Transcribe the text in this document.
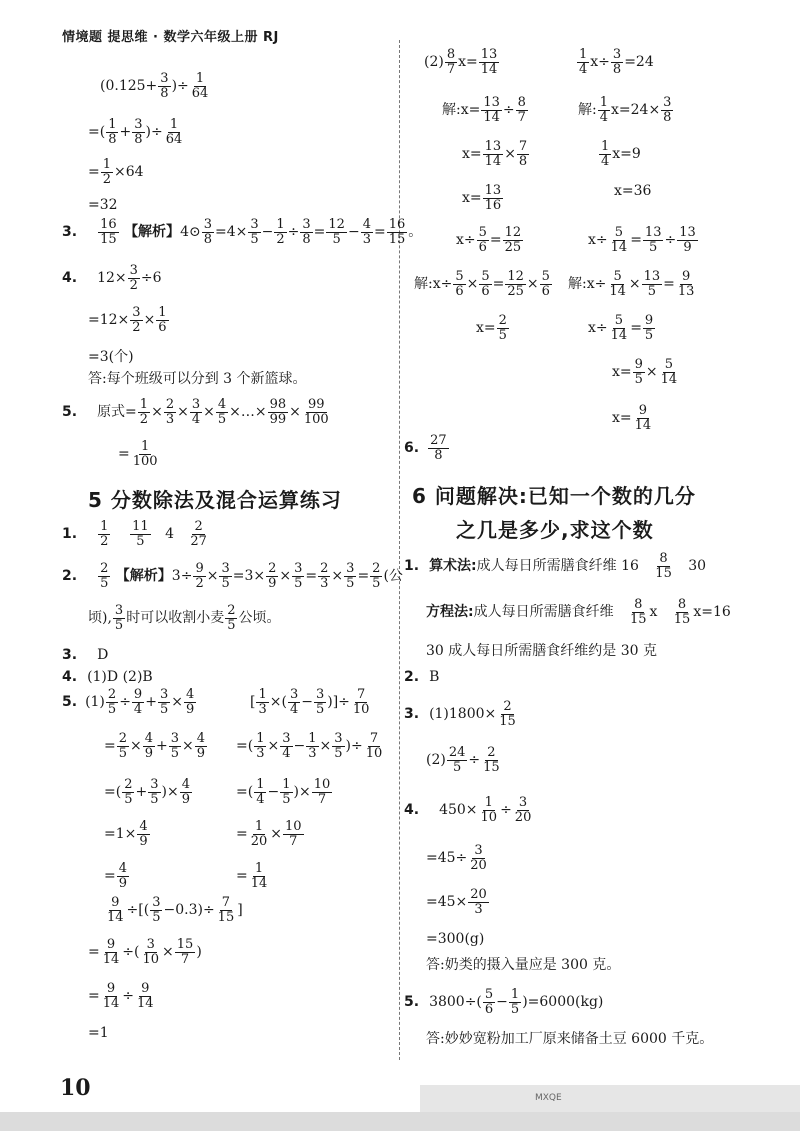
情境题 提思维 · 数学六年级上册 RJ
($0.125+ \frac{3}{8}$ )÷ $\frac{1}{64}$
=( $\frac{1}{8} + \frac{3}{8}$ )÷ $\frac{1}{64}$
= $\frac{1}{2} \times 64$
=32
3. $\frac{16}{15}$ 【解析】4⊙ $\frac{3}{8} =4\times \frac{3}{5} - \frac{1}{2} \div \frac{3}{8} = \frac{12}{5} - \frac{4}{3} = \frac{16}{15}$ 。
4. $12\times \frac{3}{2} \div 6$
$=12\times \frac{3}{2} \times \frac{1}{6}$
=3(个)
答:每个班级可以分到 3 个新篮球。
5. 原式= $\frac{1}{2} \times \frac{2}{3} \times \frac{3}{4} \times \frac{4}{5}$ ×…× $\frac{98}{99} \times \frac{99}{100}$
= $\frac{1}{100}$
5 分数除法及混合运算练习
1. $\frac{1}{2}$
$\frac{11}{5} 4 \frac{2}{27}$
2. $\frac{2}{5}$ 【解析】$3\div \frac{9}{2} \times \frac{3}{5} =3\times \frac{2}{9} \times \frac{3}{5} = \frac{2}{3} \times \frac{3}{5} = \frac{2}{5}$ (公
顷), $\frac{3}{5}$ 时可以收割小麦 $\frac{2}{5}$ 公顷。
3. D
4. (1)D (2)B
5. $(1) \frac{2}{5} \div \frac{9}{4} + \frac{3}{5} \times \frac{4}{9}$
= $\frac{2}{5} \times \frac{4}{9} + \frac{3}{5} \times \frac{4}{9}$
=( $\frac{2}{5} + \frac{3}{5}$ )× $\frac{4}{9}$
$=1\times \frac{4}{9}$
= $\frac{4}{9}$
[ $\frac{1}{3}$ ×( $\frac{3}{4} - \frac{3}{5}$ )]÷ $\frac{7}{10}$
=( $\frac{1}{3} \times \frac{3}{4} - \frac{1}{3} \times \frac{3}{5}$ )÷ $\frac{7}{10}$
=( $\frac{1}{4} - \frac{1}{5}$ )× $\frac{10}{7}$
= $\frac{1}{20} \times \frac{10}{7}$
= $\frac{1}{14}$
$\frac{9}{14}$ ÷[( $\frac{3}{5} -0.3)\div \frac{7}{15}$ ]
= $\frac{9}{14}$ ÷( $\frac{3}{10} \times \frac{15}{7}$ )
= $\frac{9}{14} \div \frac{9}{14}$
=1
$(2) \frac{8}{7} x= \frac{13}{14}$
解:x= $\frac{13}{14} \div \frac{8}{7}$
$x= \frac{13}{14} \times \frac{7}{8}$
$x= \frac{13}{16}$
$\frac{1}{4} x\div \frac{3}{8} =24$
解: $\frac{1}{4} x=24\times \frac{3}{8}$
$\frac{1}{4} x=9$
x=36
$x\div \frac{5}{6} = \frac{12}{25}$
解:x÷ $\frac{5}{6} \times \frac{5}{6} = \frac{12}{25} \times \frac{5}{6}$
$x= \frac{2}{5}$
$x\div \frac{5}{14} = \frac{13}{5} \div \frac{13}{9}$
解:x÷ $\frac{5}{14} \times \frac{13}{5} = \frac{9}{13}$
$x\div \frac{5}{14} = \frac{9}{5}$
$x= \frac{9}{5} \times \frac{5}{14}$
$x= \frac{9}{14}$
6. $\frac{27}{8}$
6 问题解决:已知一个数的几分
之几是多少,求这个数
1. 算术法:成人每日所需膳食纤维 $16 \frac{8}{15} 30$
方程法:成人每日所需膳食纤维 $\frac{8}{15}$ x $\frac{8}{15} x=16$
30 成人每日所需膳食纤维约是 30 克
2. B
3. $(1)1800\times \frac{2}{15}$
$(2) \frac{24}{5} \div \frac{2}{15}$
4. $450\times \frac{1}{10} \div \frac{3}{20}$
$=45\div \frac{3}{20}$
$=45\times \frac{20}{3}$
=300(g)
答:奶类的摄入量应是 300 克。
5. $3800\div( \frac{5}{6} - \frac{1}{5} )=6000(kg)$
答:妙妙宽粉加工厂原来储备土豆 6000 千克。
MXQE
10
